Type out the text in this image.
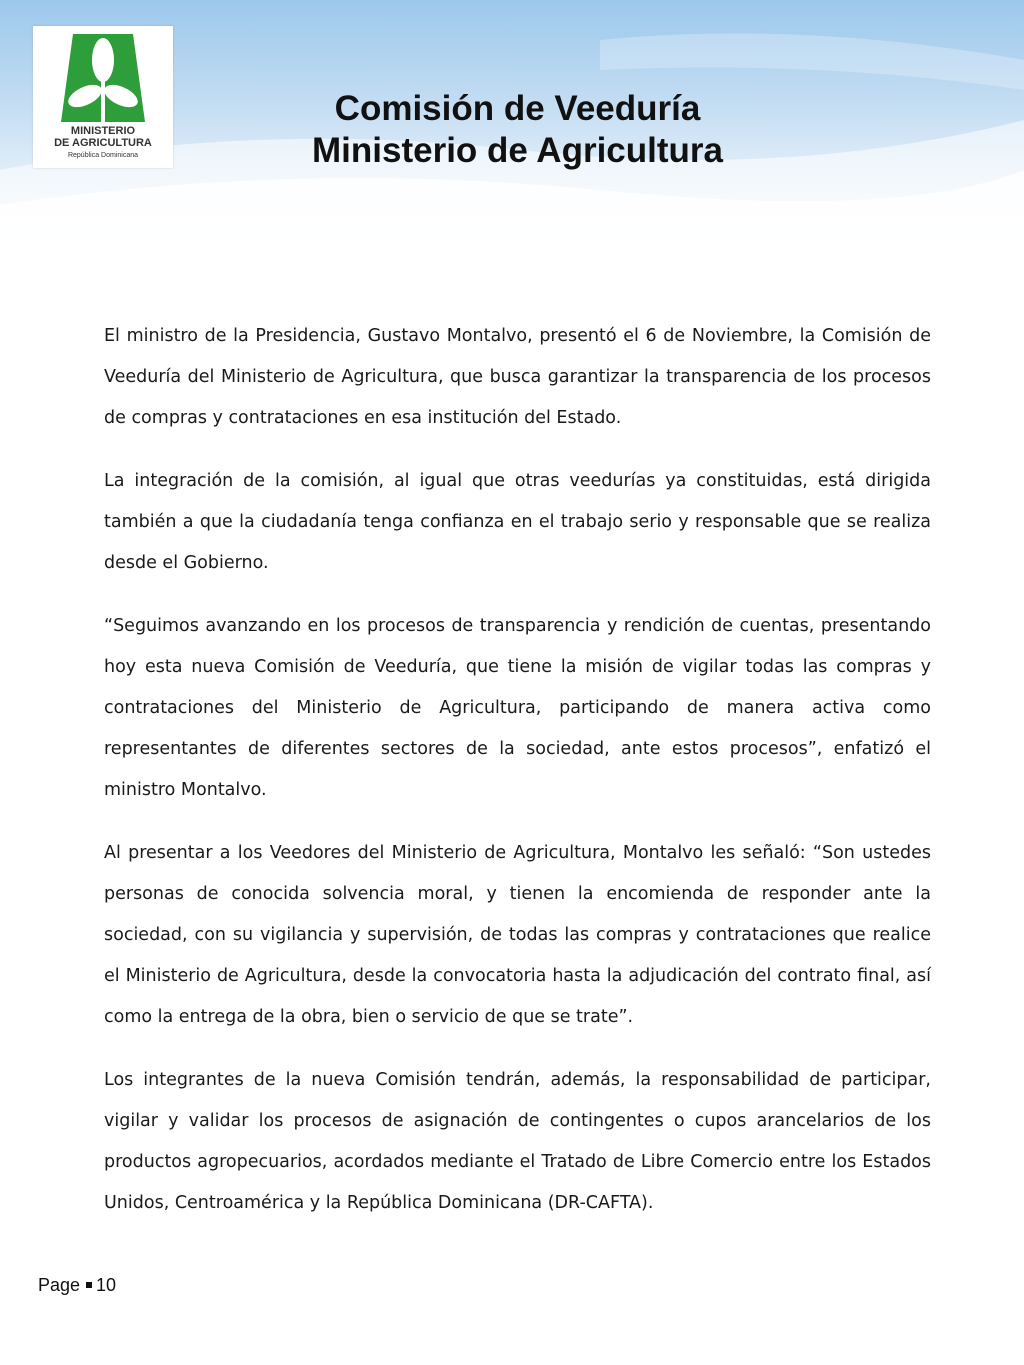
MINISTERIO
DE AGRICULTURA
República Dominicana
Comisión de Veeduría
Ministerio de Agricultura

El ministro de la Presidencia, Gustavo Montalvo, presentó el 6 de Noviembre, la Comisión de Veeduría del Ministerio de Agricultura, que busca garantizar la transparencia de los procesos de compras y contrataciones en esa institución del Estado.

La integración de la comisión, al igual que otras veedurías ya constituidas, está dirigida también a que la ciudadanía tenga confianza en el trabajo serio y responsable que se realiza desde el Gobierno.

“Seguimos avanzando en los procesos de transparencia y rendición de cuentas, presentando hoy esta nueva Comisión de Veeduría, que tiene la misión de vigilar todas las compras y contrataciones del Ministerio de Agricultura, participando de manera activa como representantes de diferentes sectores de la sociedad, ante estos procesos”, enfatizó el ministro Montalvo.

Al presentar a los Veedores del Ministerio de Agricultura, Montalvo les señaló: “Son ustedes personas de conocida solvencia moral, y tienen la encomienda de responder ante la sociedad, con su vigilancia y supervisión, de todas las compras y contrataciones que realice el Ministerio de Agricultura, desde la convocatoria hasta la adjudicación del contrato final, así como la entrega de la obra, bien o servicio de que se trate”.

Los integrantes de la nueva Comisión tendrán, además, la responsabilidad de participar, vigilar y validar los procesos de asignación de contingentes o cupos arancelarios de los productos agropecuarios, acordados mediante el Tratado de Libre Comercio entre los Estados Unidos, Centroamérica y la República Dominicana (DR-CAFTA).

Page 10
